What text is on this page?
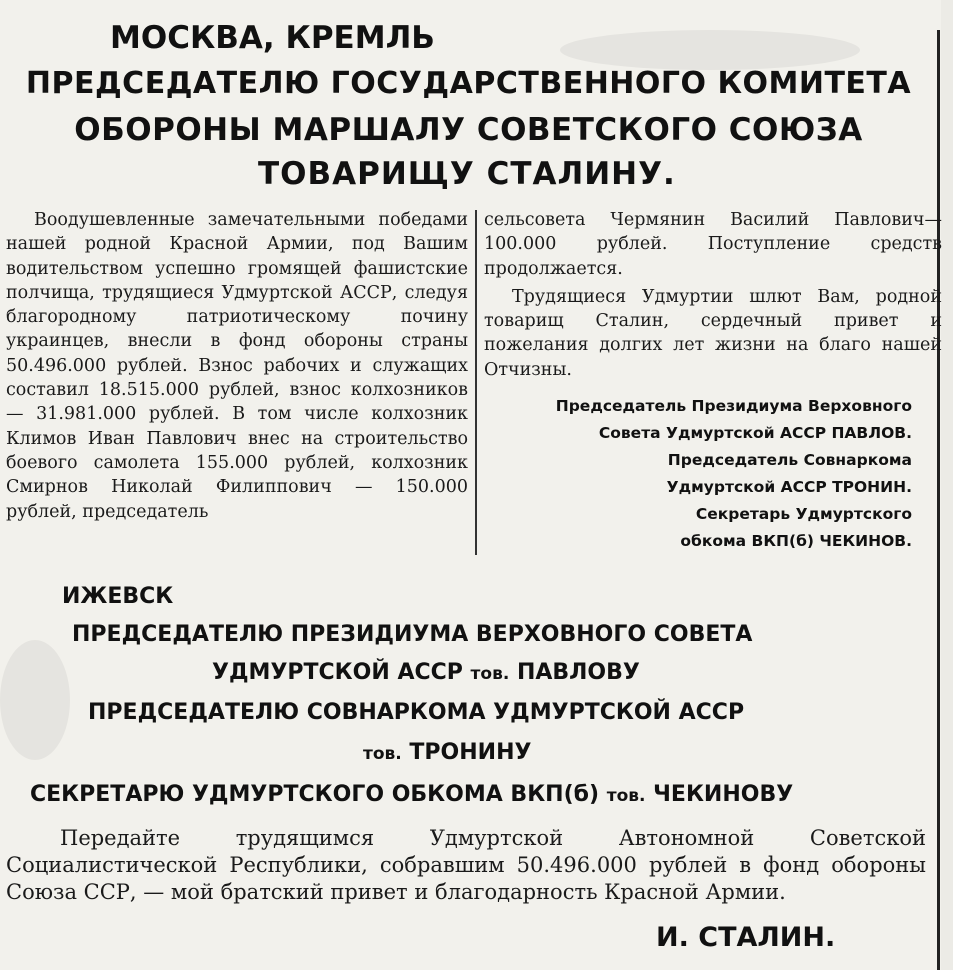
МОСКВА, КРЕМЛЬ
ПРЕДСЕДАТЕЛЮ ГОСУДАРСТВЕННОГО КОМИТЕТА
ОБОРОНЫ МАРШАЛУ СОВЕТСКОГО СОЮЗА
ТОВАРИЩУ СТАЛИНУ.
Воодушевленные замечательными победами нашей родной Красной Армии, под Вашим водительством успешно громящей фашистские полчища, трудящиеся Удмуртской АССР, следуя благородному патриотическому почину украинцев, внесли в фонд обороны страны 50.496.000 рублей. Взнос рабочих и служащих составил 18.515.000 рублей, взнос колхозников— 31.981.000 рублей. В том числе колхозник Климов Иван Павлович внес на строительство боевого самолета 155.000 рублей, колхозник Смирнов Николай Филиппович — 150.000 рублей, председатель

сельсовета Чермянин Василий Павлович— 100.000 рублей. Поступление средств продолжается.

Трудящиеся Удмуртии шлют Вам, родной товарищ Сталин, сердечный привет и пожелания долгих лет жизни на благо нашей Отчизны.

Председатель Президиума Верховного
Совета Удмуртской АССР ПАВЛОВ.
Председатель Совнаркома
Удмуртской АССР ТРОНИН.
Секретарь Удмуртского
обкома ВКП(б) ЧЕКИНОВ.
ИЖЕВСК
ПРЕДСЕДАТЕЛЮ ПРЕЗИДИУМА ВЕРХОВНОГО СОВЕТА
УДМУРТСКОЙ АССР тов. ПАВЛОВУ
ПРЕДСЕДАТЕЛЮ СОВНАРКОМА УДМУРТСКОЙ АССР
тов. ТРОНИНУ
СЕКРЕТАРЮ УДМУРТСКОГО ОБКОМА ВКП(б) тов. ЧЕКИНОВУ
Передайте трудящимся Удмуртской Автономной Советской Социалистической Республики, собравшим 50.496.000 рублей в фонд обороны Союза ССР, — мой братский привет и благодарность Красной Армии.
И. СТАЛИН.
